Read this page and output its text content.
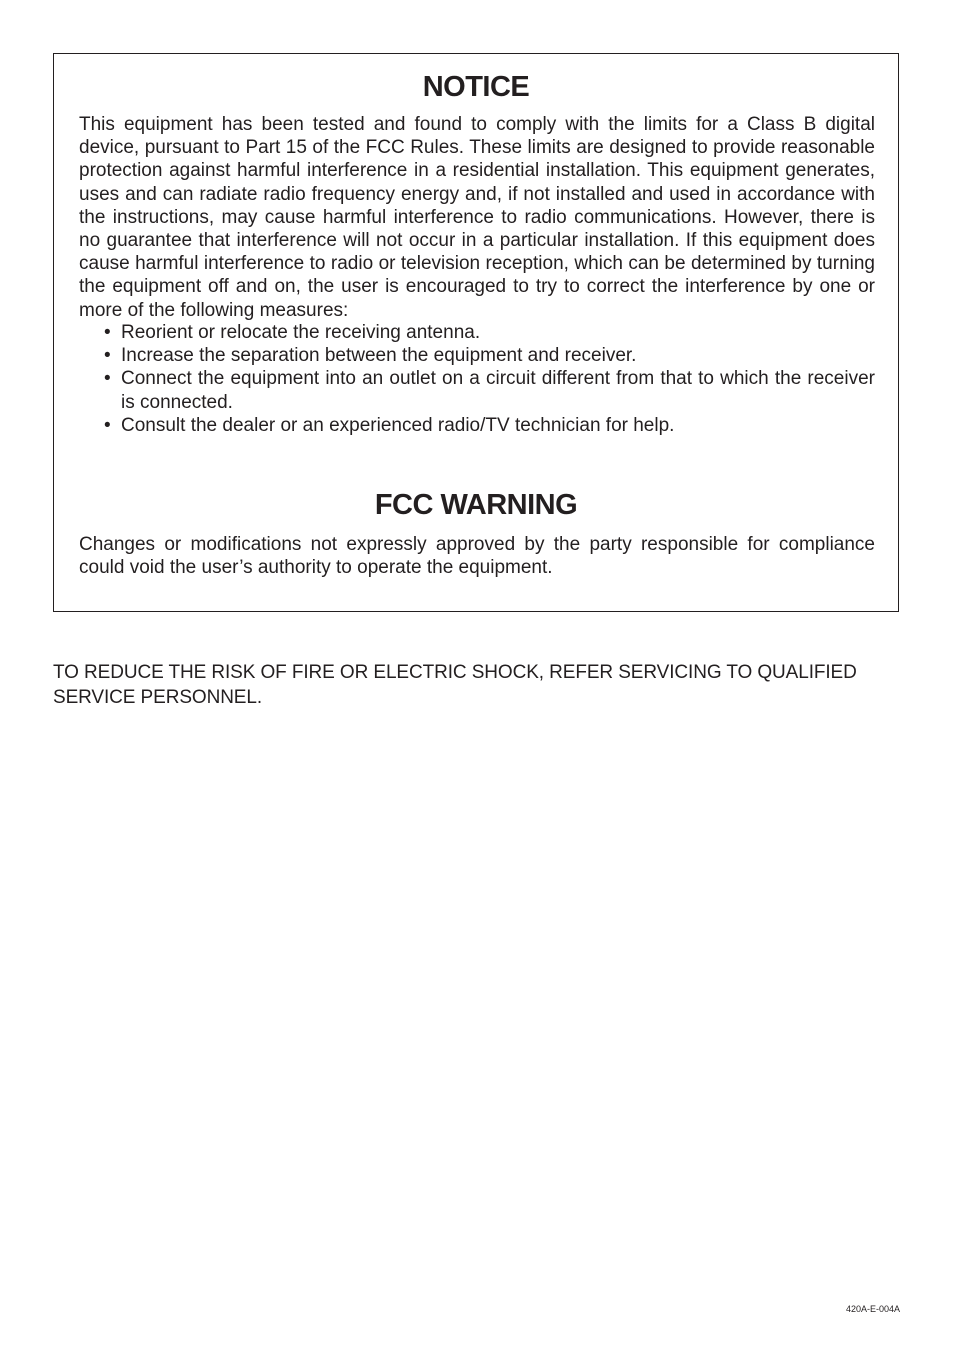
NOTICE

This equipment has been tested and found to comply with the limits for a Class B digital device, pursuant to Part 15 of the FCC Rules. These limits are designed to provide reasonable protection against harmful interference in a residential installation. This equipment generates, uses and can radiate radio frequency energy and, if not installed and used in accordance with the instructions, may cause harmful interference to radio communications. However, there is no guarantee that interference will not occur in a particular installation. If this equipment does cause harmful interference to radio or television reception, which can be determined by turning the equipment off and on, the user is encouraged to try to correct the interference by one or more of the following measures:

• Reorient or relocate the receiving antenna.
• Increase the separation between the equipment and receiver.
• Connect the equipment into an outlet on a circuit different from that to which the receiver is connected.
• Consult the dealer or an experienced radio/TV technician for help.
FCC WARNING

Changes or modifications not expressly approved by the party responsible for compliance could void the user’s authority to operate the equipment.

TO REDUCE THE RISK OF FIRE OR ELECTRIC SHOCK, REFER SERVICING TO QUALIFIED SERVICE PERSONNEL.

420A-E-004A
